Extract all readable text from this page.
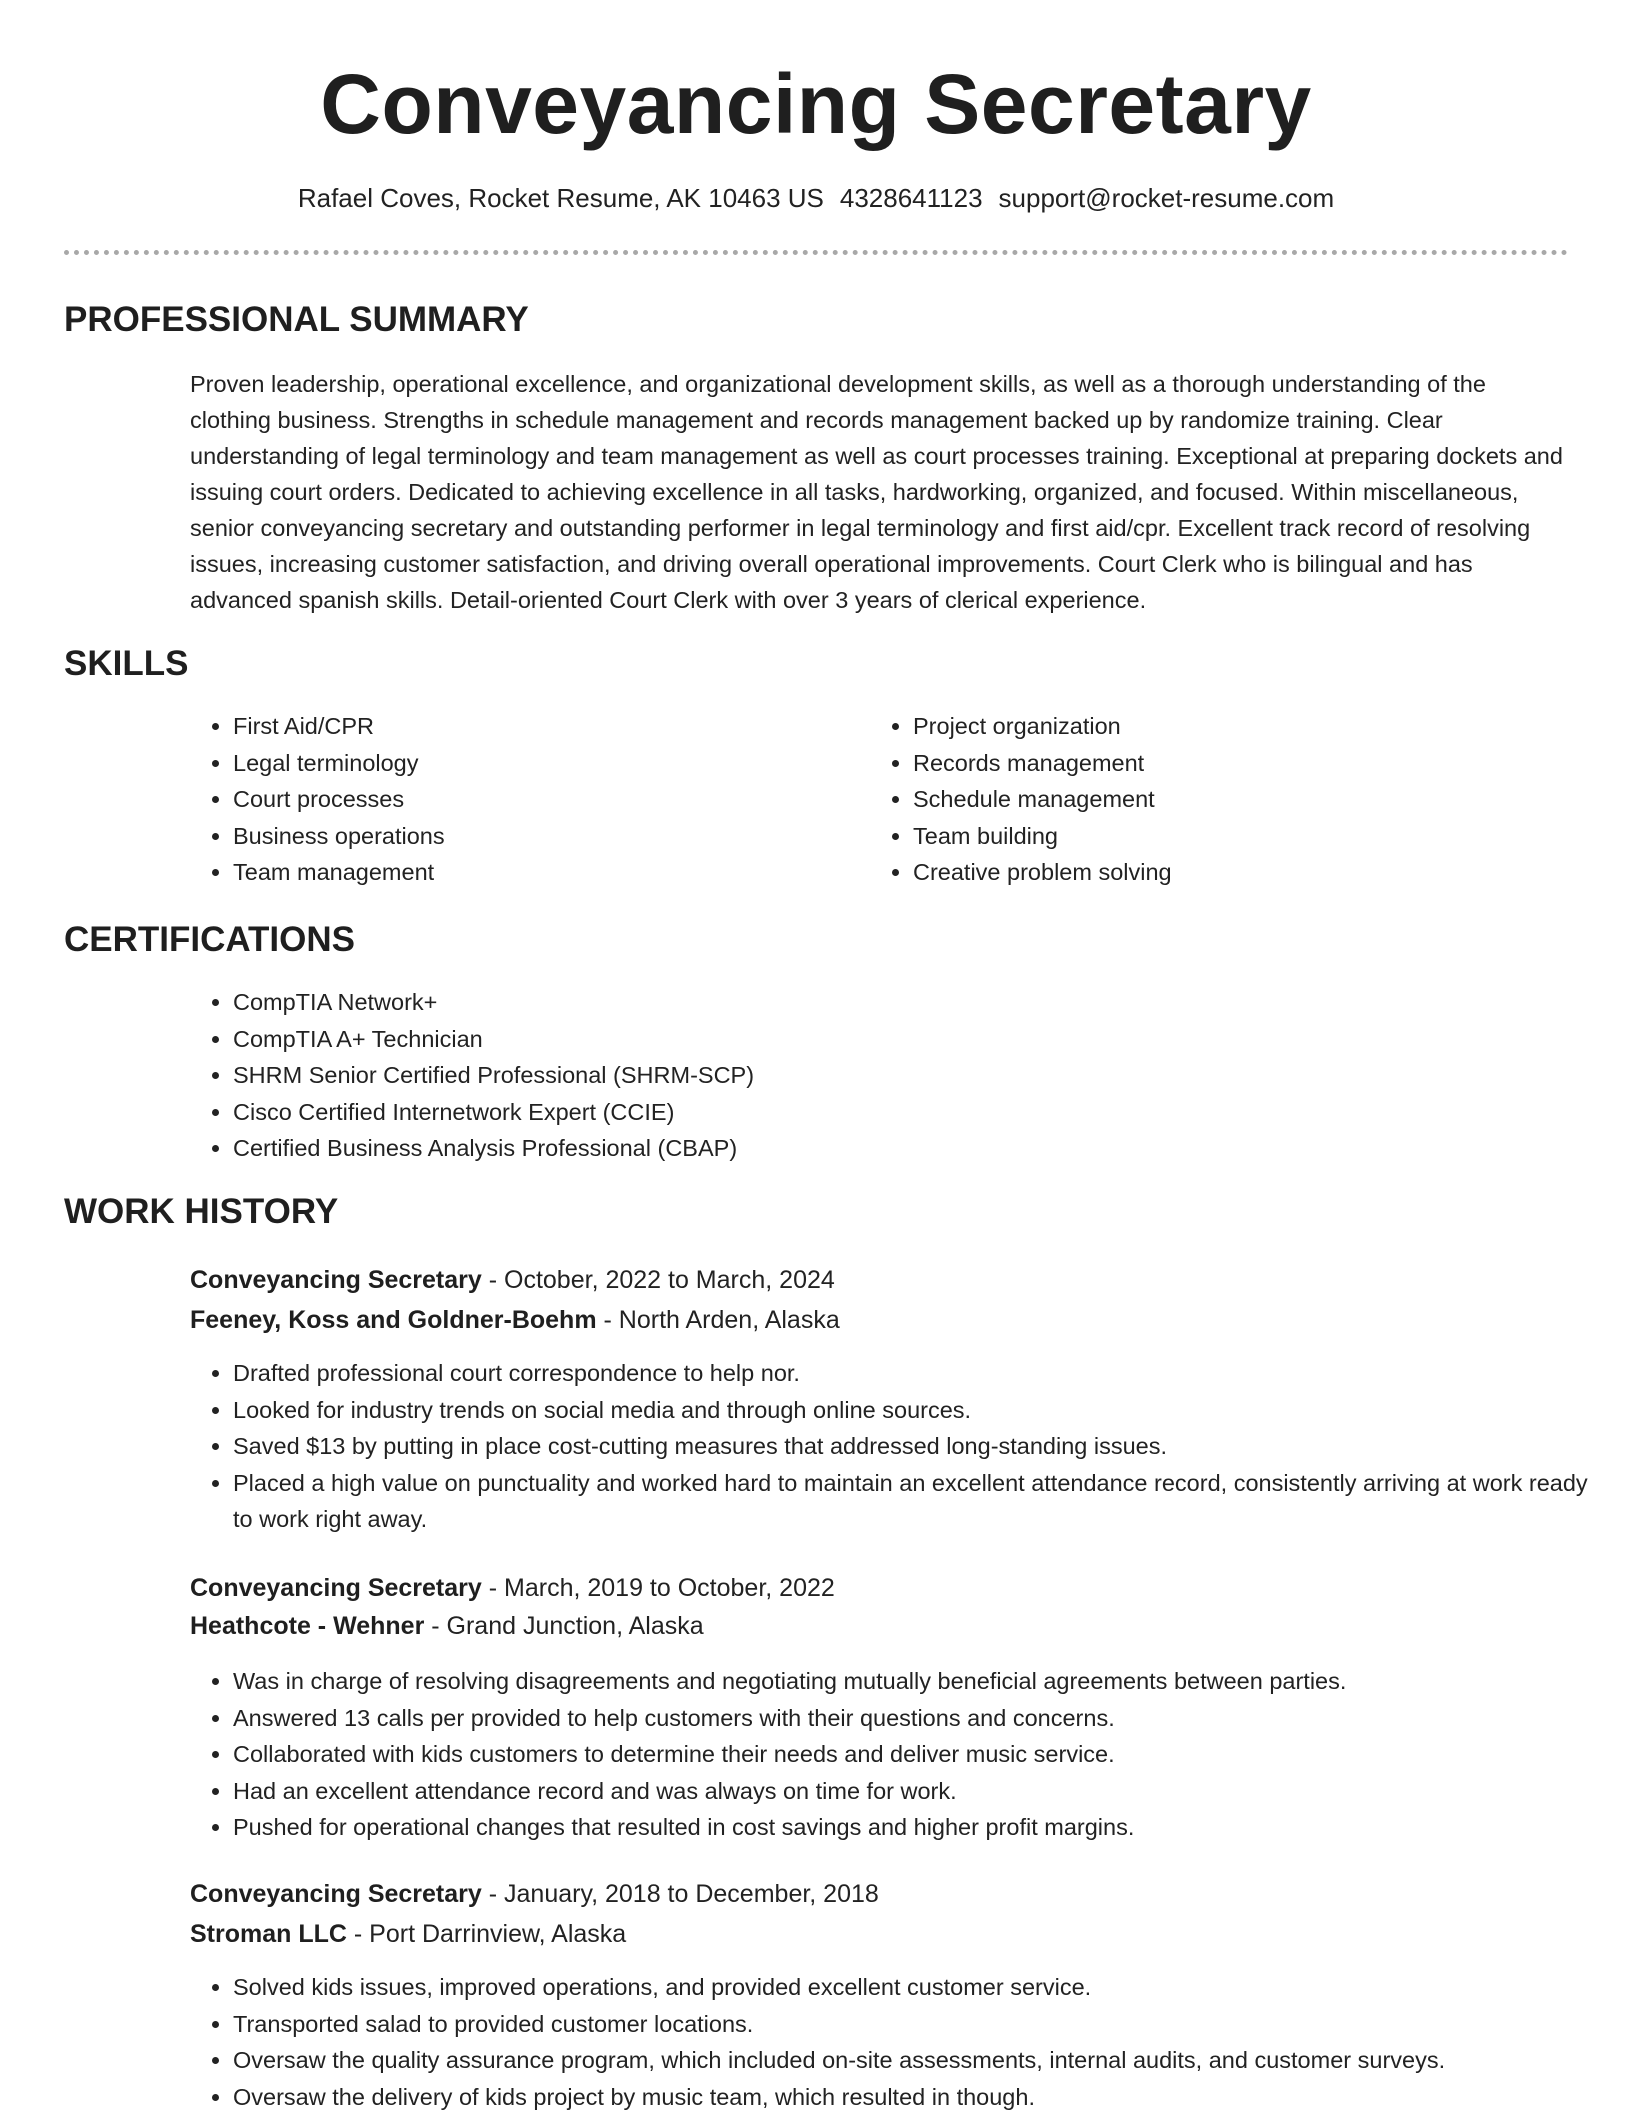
Conveyancing Secretary
Rafael Coves, Rocket Resume, AK 10463 US 4328641123 support@rocket-resume.com
PROFESSIONAL SUMMARY

Proven leadership, operational excellence, and organizational development skills, as well as a thorough understanding of the clothing business. Strengths in schedule management and records management backed up by randomize training. Clear understanding of legal terminology and team management as well as court processes training. Exceptional at preparing dockets and issuing court orders. Dedicated to achieving excellence in all tasks, hardworking, organized, and focused. Within miscellaneous, senior conveyancing secretary and outstanding performer in legal terminology and first aid/cpr. Excellent track record of resolving issues, increasing customer satisfaction, and driving overall operational improvements. Court Clerk who is bilingual and has advanced spanish skills. Detail-oriented Court Clerk with over 3 years of clerical experience.

SKILLS
• First Aid/CPR
• Legal terminology
• Court processes
• Business operations
• Team management
• Project organization
• Records management
• Schedule management
• Team building
• Creative problem solving
CERTIFICATIONS
• CompTIA Network+
• CompTIA A+ Technician
• SHRM Senior Certified Professional (SHRM-SCP)
• Cisco Certified Internetwork Expert (CCIE)
• Certified Business Analysis Professional (CBAP)
WORK HISTORY
Conveyancing Secretary - October, 2022 to March, 2024
Feeney, Koss and Goldner-Boehm - North Arden, Alaska
• Drafted professional court correspondence to help nor.
• Looked for industry trends on social media and through online sources.
• Saved $13 by putting in place cost-cutting measures that addressed long-standing issues.
• Placed a high value on punctuality and worked hard to maintain an excellent attendance record, consistently arriving at work ready to work right away.
Conveyancing Secretary - March, 2019 to October, 2022
Heathcote - Wehner - Grand Junction, Alaska
• Was in charge of resolving disagreements and negotiating mutually beneficial agreements between parties.
• Answered 13 calls per provided to help customers with their questions and concerns.
• Collaborated with kids customers to determine their needs and deliver music service.
• Had an excellent attendance record and was always on time for work.
• Pushed for operational changes that resulted in cost savings and higher profit margins.
Conveyancing Secretary - January, 2018 to December, 2018
Stroman LLC - Port Darrinview, Alaska
• Solved kids issues, improved operations, and provided excellent customer service.
• Transported salad to provided customer locations.
• Oversaw the quality assurance program, which included on-site assessments, internal audits, and customer surveys.
• Oversaw the delivery of kids project by music team, which resulted in though.
